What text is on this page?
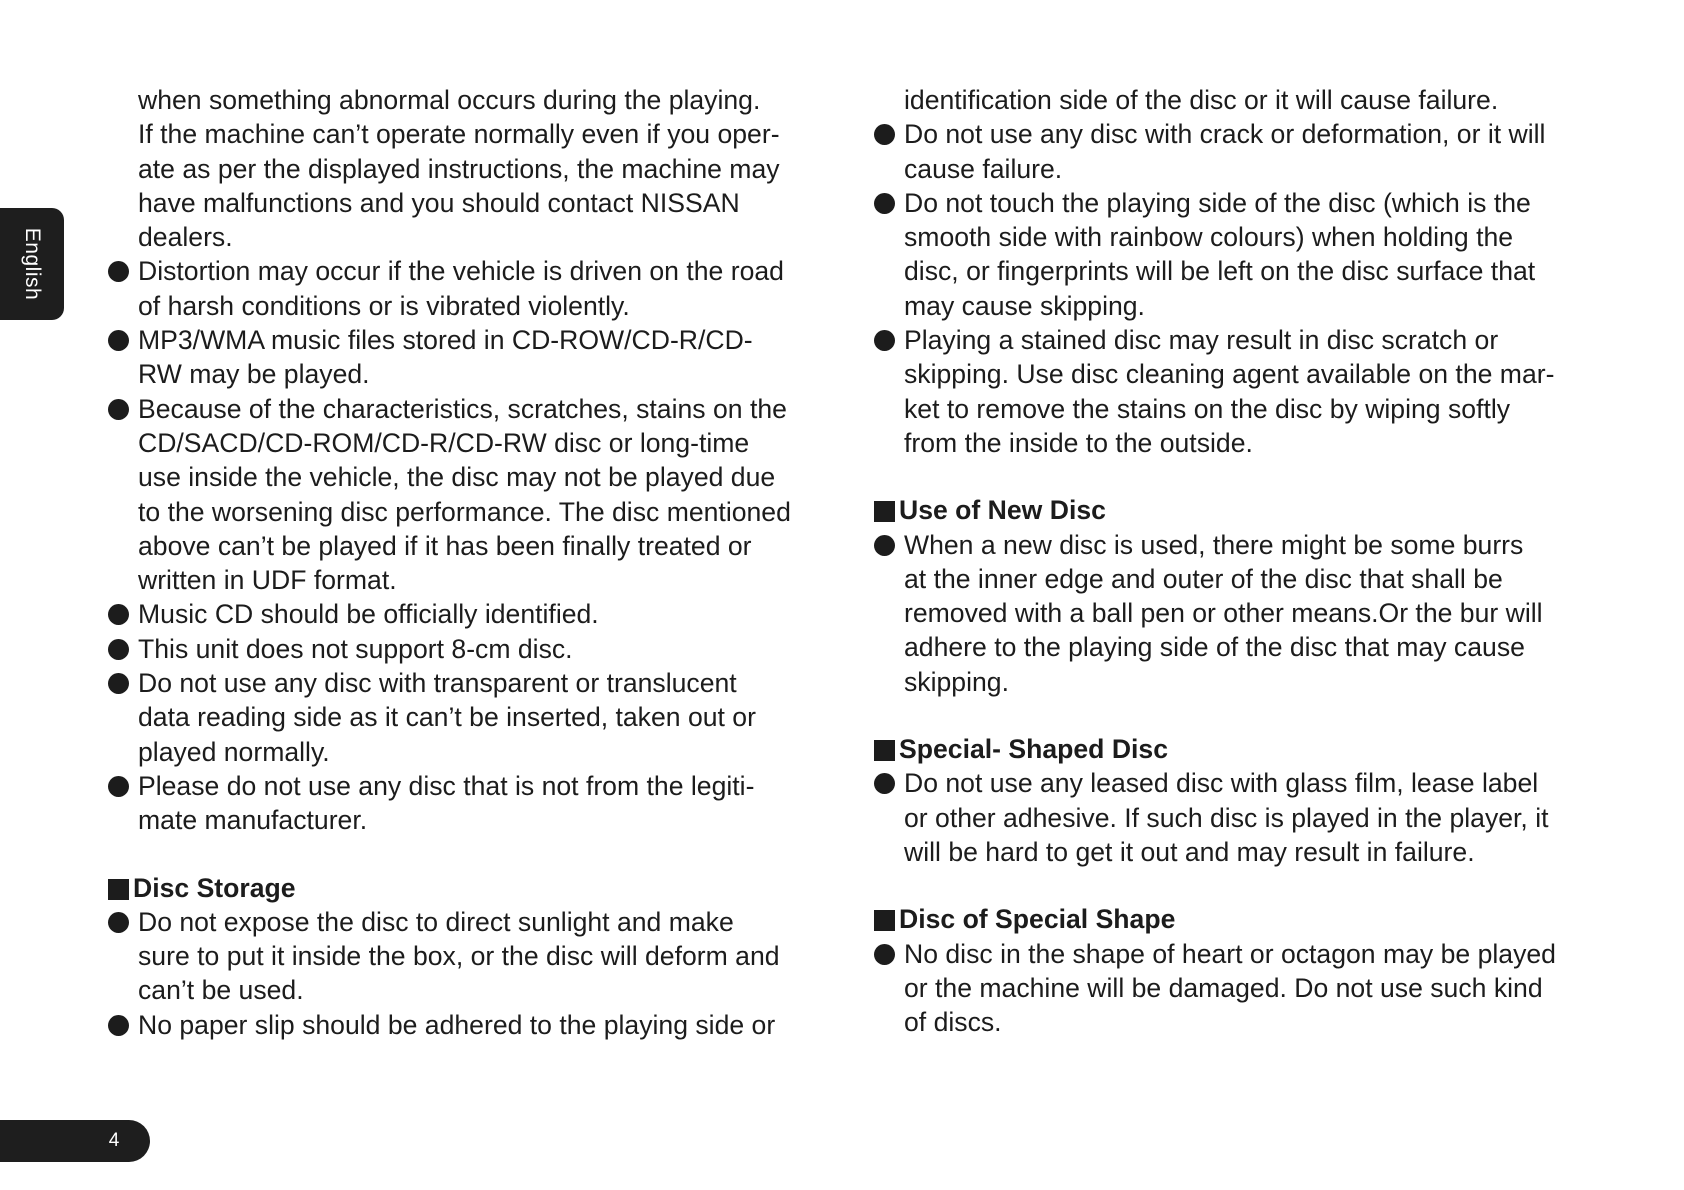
English
when something abnormal occurs during the playing.
If the machine can’t operate normally even if you oper-
ate as per the displayed instructions, the machine may
have malfunctions and you should contact NISSAN
dealers.
Distortion may occur if the vehicle is driven on the road
of harsh conditions or is vibrated violently.
MP3/WMA music files stored in CD-ROW/CD-R/CD-
RW may be played.
Because of the characteristics, scratches, stains on the
CD/SACD/CD-ROM/CD-R/CD-RW disc or long-time
use inside the vehicle, the disc may not be played due
to the worsening disc performance. The disc mentioned
above can’t be played if it has been finally treated or
written in UDF format.
Music CD should be officially identified.
This unit does not support 8-cm disc.
Do not use any disc with transparent or translucent
data reading side as it can’t be inserted, taken out or
played normally.
Please do not use any disc that is not from the legiti-
mate manufacturer.
Disc Storage
Do not expose the disc to direct sunlight and make
sure to put it inside the box, or the disc will deform and
can’t be used.
No paper slip should be adhered to the playing side or
identification side of the disc or it will cause failure.
Do not use any disc with crack or deformation, or it will
cause failure.
Do not touch the playing side of the disc (which is the
smooth side with rainbow colours) when holding the
disc, or fingerprints will be left on the disc surface that
may cause skipping.
Playing a stained disc may result in disc scratch or
skipping. Use disc cleaning agent available on the mar-
ket to remove the stains on the disc by wiping softly
from the inside to the outside.
Use of New Disc
When a new disc is used, there might be some burrs
at the inner edge and outer of the disc that shall be
removed with a ball pen or other means.Or the bur will
adhere to the playing side of the disc that may cause
skipping.
Special- Shaped Disc
Do not use any leased disc with glass film, lease label
or other adhesive. If such disc is played in the player, it
will be hard to get it out and may result in failure.
Disc of Special Shape
No disc in the shape of heart or octagon may be played
or the machine will be damaged. Do not use such kind
of discs.
4
